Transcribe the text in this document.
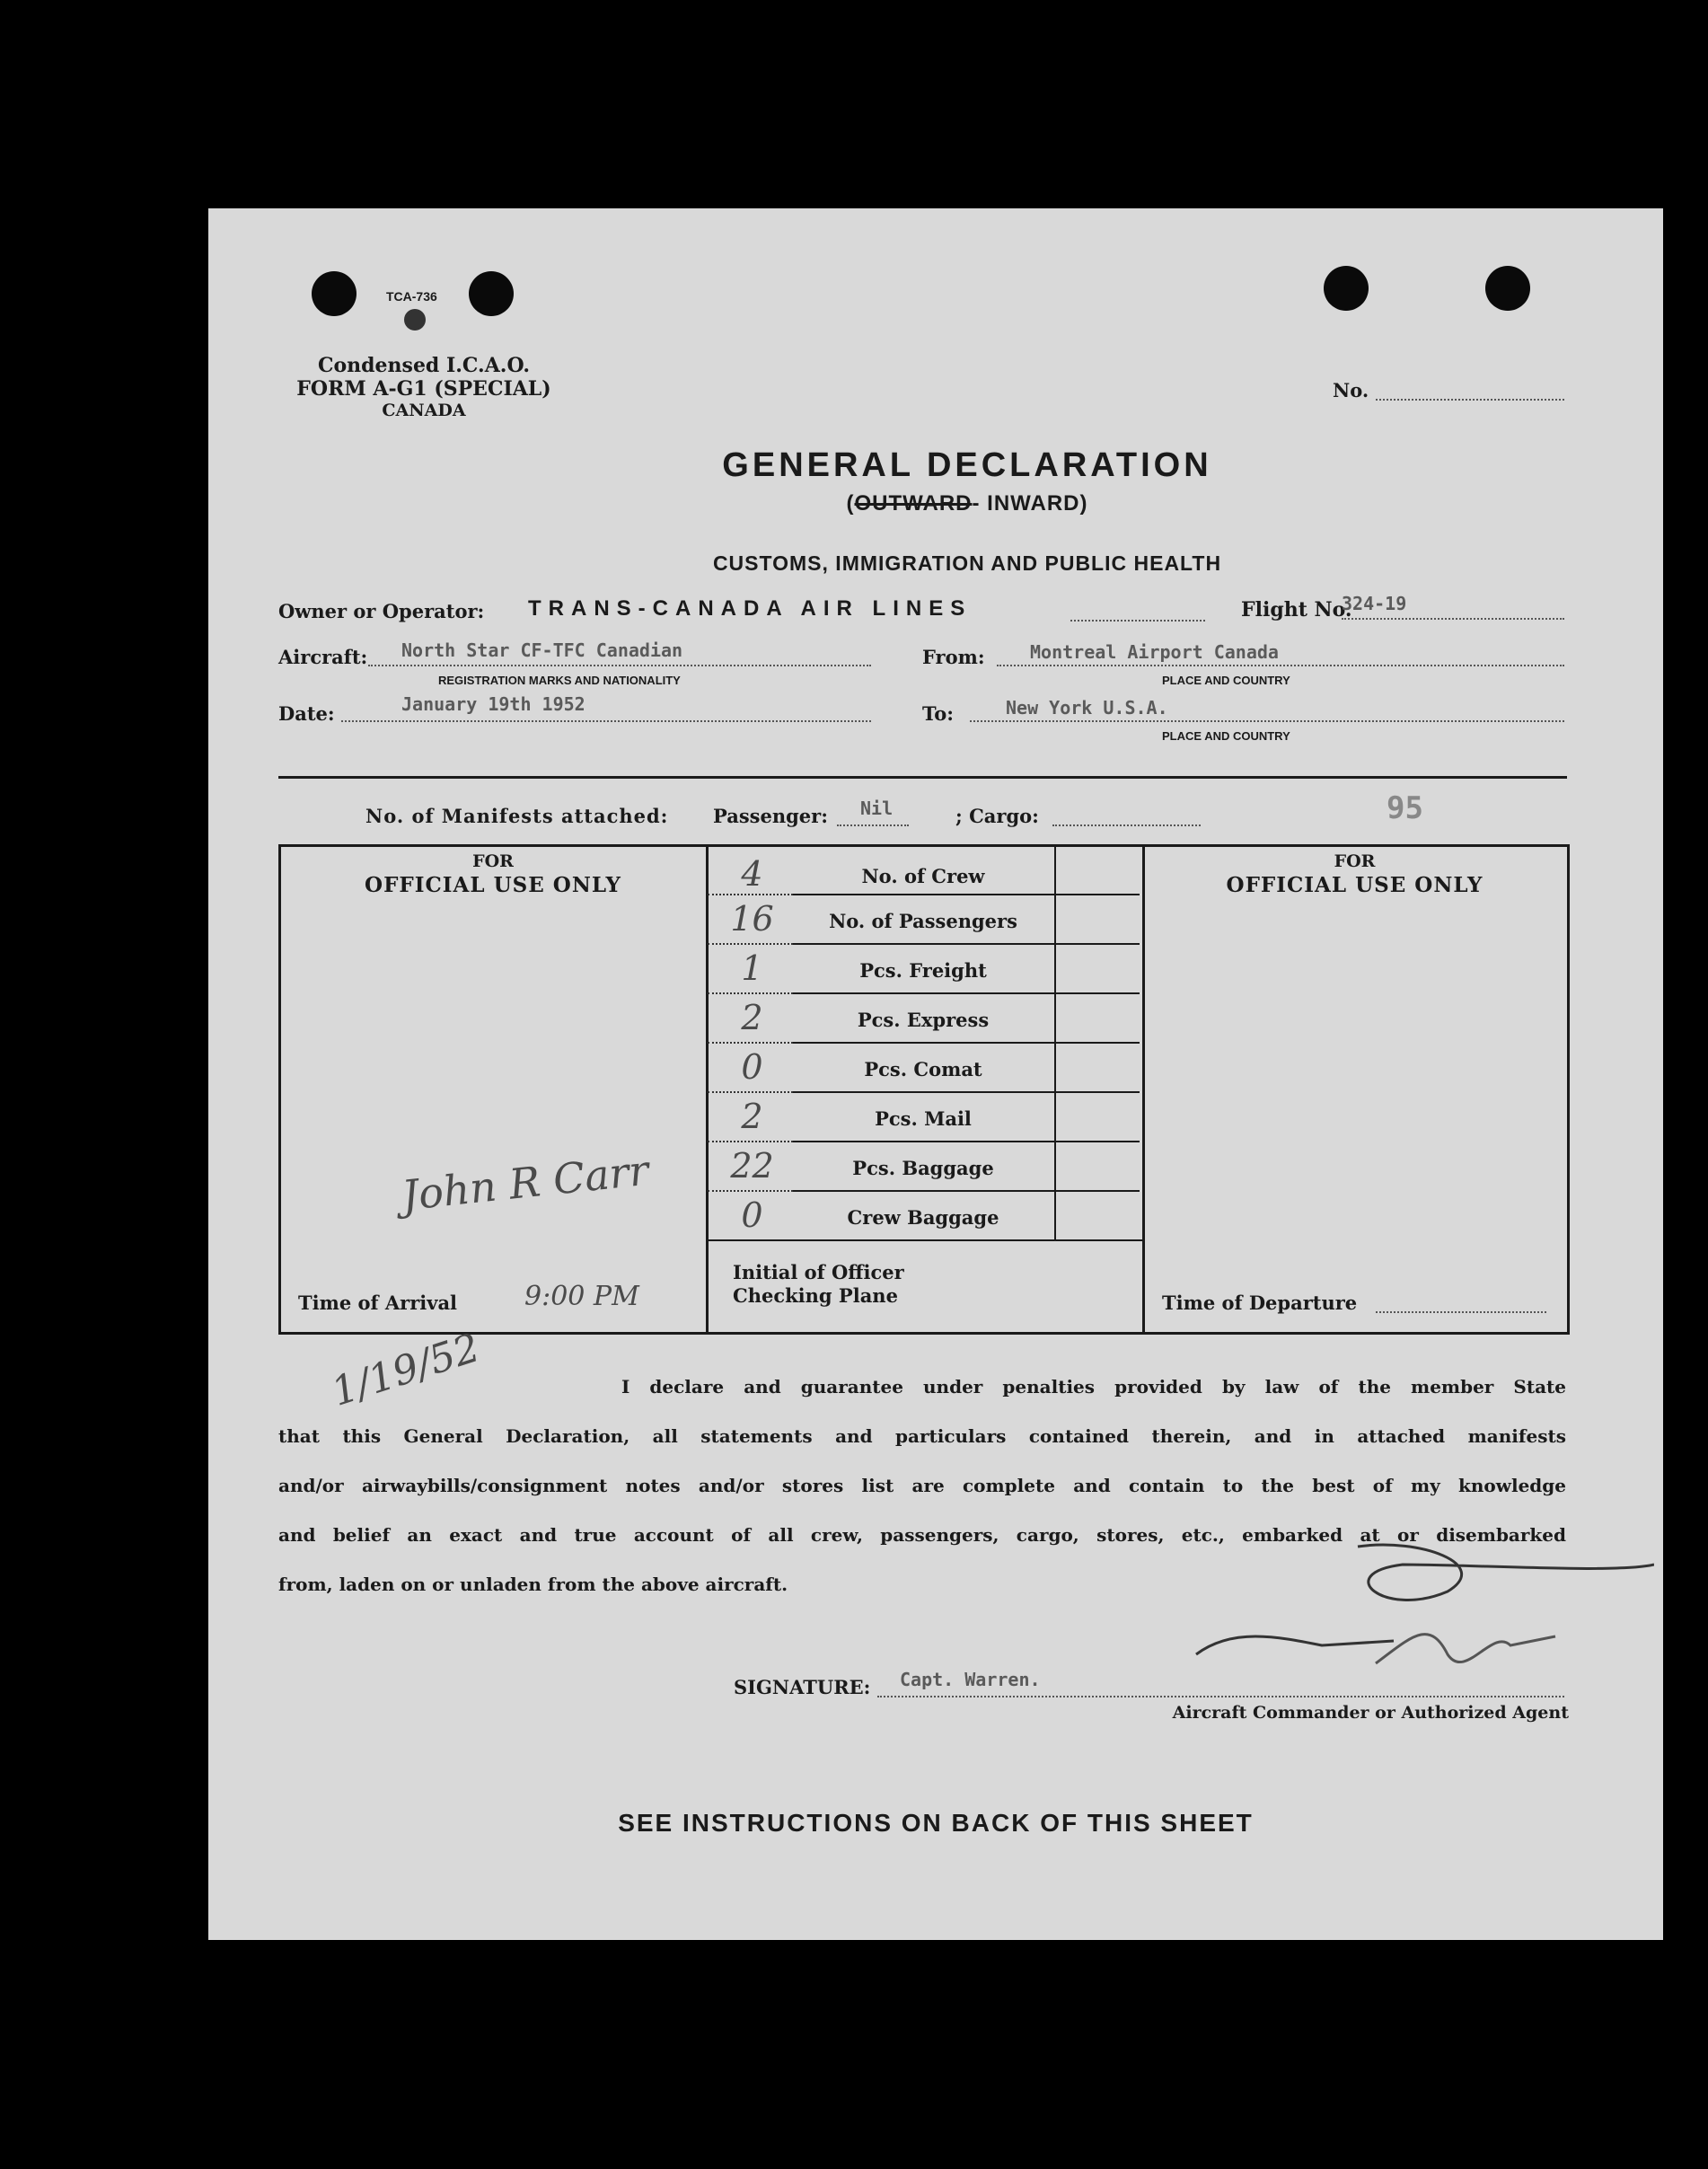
TCA-736
Condensed I.C.A.O.
FORM A-G1 (SPECIAL)
CANADA
No.
GENERAL DECLARATION
(OUTWARD- INWARD)
CUSTOMS, IMMIGRATION AND PUBLIC HEALTH
Owner or Operator: TRANS-CANADA AIR LINES	Flight No.
324-19
Aircraft: North Star CF-TFC Canadian
REGISTRATION MARKS AND NATIONALITY
From:	Montreal Airport Canada
PLACE AND COUNTRY
Date:	January 19th 1952	To:	New York U.S.A.
PLACE AND COUNTRY
No. of Manifests attached: Passenger: Nil	; Cargo:	95
FOR
OFFICIAL USE ONLY
FOR
OFFICIAL USE ONLY
4	No. of Crew
16	No. of Passengers
1	Pcs. Freight
2	Pcs. Express
0	Pcs. Comat
2	Pcs. Mail
22	Pcs. Baggage
0	Crew Baggage
Initial of Officer
Checking Plane
Time of Arrival 9:00 PM	Time of Departure
John R Carr
1/19/52	I declare and guarantee under penalties provided by law of the member State
that this General Declaration, all statements and particulars contained therein, and in attached manifests
and/or airwaybills/consignment notes and/or stores list are complete and contain to the best of my knowledge
and belief an exact and true account of all crew, passengers, cargo, stores, etc., embarked at or disembarked
from, laden on or unladen from the above aircraft.
SIGNATURE: Capt. Warren.
Aircraft Commander or Authorized Agent
SEE INSTRUCTIONS ON BACK OF THIS SHEET
